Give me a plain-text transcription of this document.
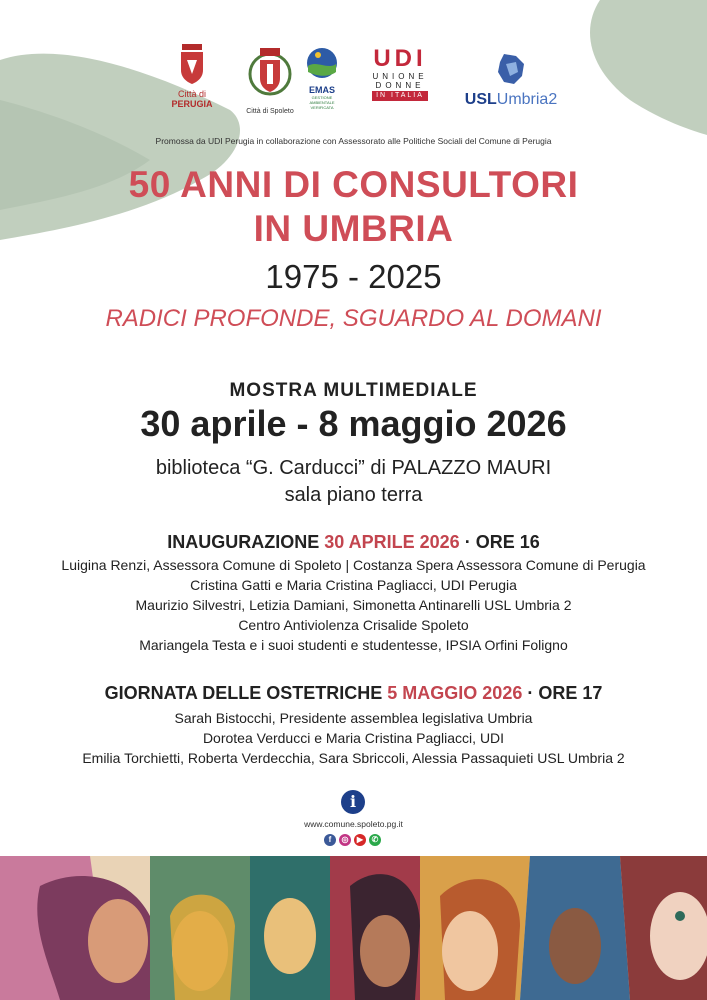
Città di
PERUGIA
Città di Spoleto
EMAS
GESTIONE AMBIENTALE VERIFICATA
UDI
UNIONE
DONNE
IN ITALIA	USLUmbria2
Promossa da UDI Perugia in collaborazione con Assessorato alle Politiche Sociali del Comune di Perugia
50 ANNI DI CONSULTORI
IN UMBRIA
1975 - 2025
RADICI PROFONDE, SGUARDO AL DOMANI
MOSTRA MULTIMEDIALE
30 aprile - 8 maggio 2026
biblioteca “G. Carducci” di PALAZZO MAURI
sala piano terra
INAUGURAZIONE 30 APRILE 2026 · ORE 16
Luigina Renzi, Assessora Comune di Spoleto | Costanza Spera Assessora Comune di Perugia
Cristina Gatti e Maria Cristina Pagliacci, UDI Perugia
Maurizio Silvestri, Letizia Damiani, Simonetta Antinarelli USL Umbria 2
Centro Antiviolenza Crisalide Spoleto
Mariangela Testa e i suoi studenti e studentesse, IPSIA Orfini Foligno
GIORNATA DELLE OSTETRICHE 5 MAGGIO 2026 · ORE 17
Sarah Bistocchi, Presidente assemblea legislativa Umbria
Dorotea Verducci e Maria Cristina Pagliacci, UDI
Emilia Torchietti, Roberta Verdecchia, Sara Sbriccoli, Alessia Passaquieti USL Umbria 2
i
www.comune.spoleto.pg.it
f	◎	▶	✆
